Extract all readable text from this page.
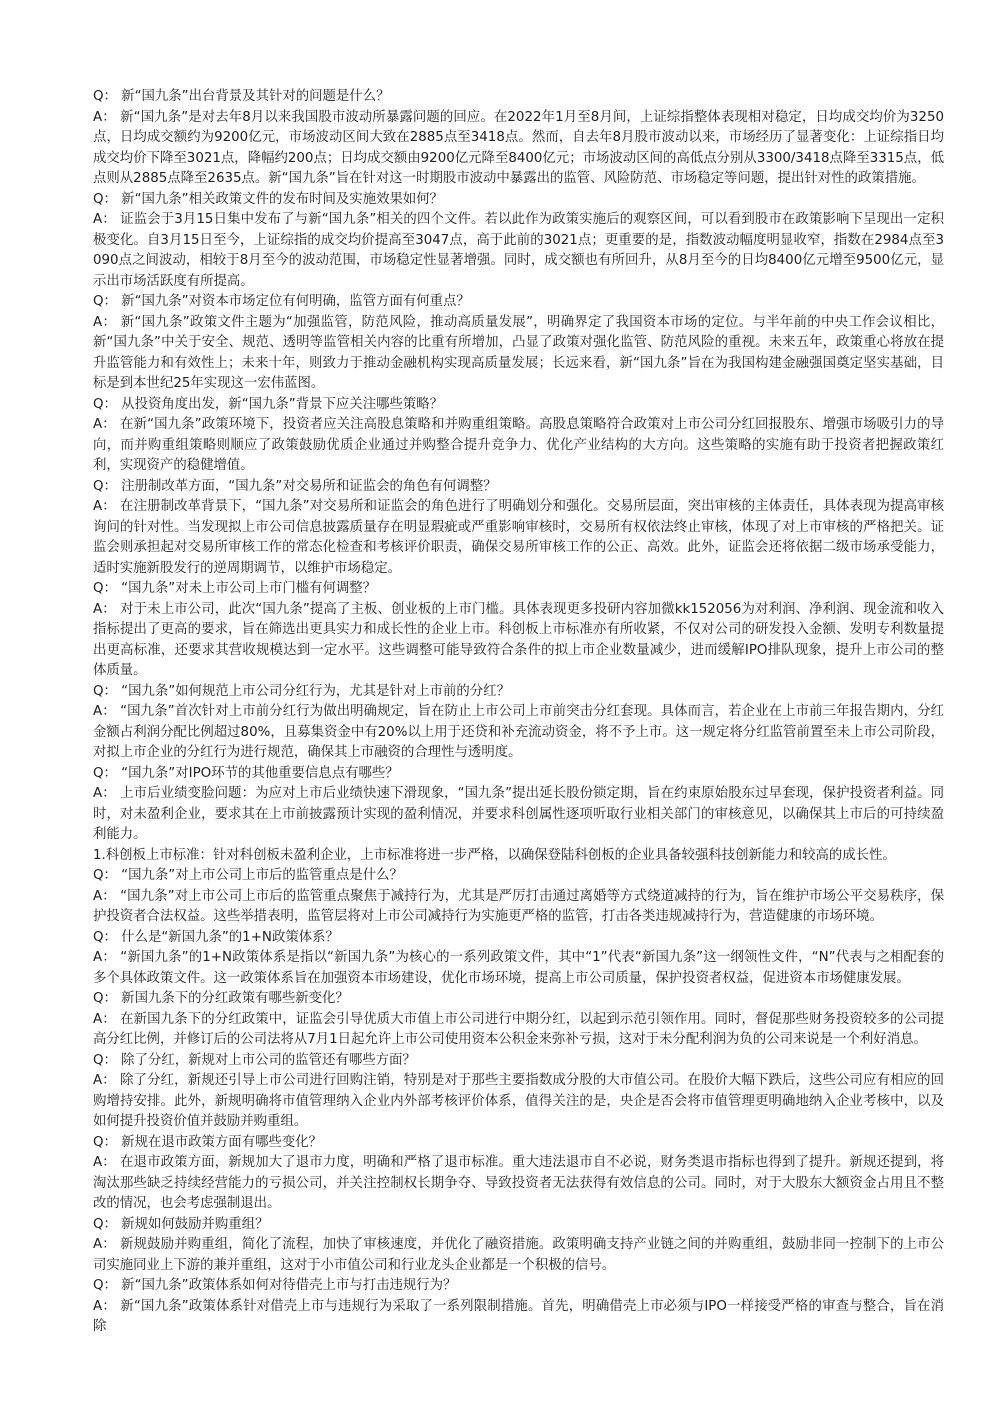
Q： 新“国九条”出台背景及其针对的问题是什么？

A： 新“国九条”是对去年8月以来我国股市波动所暴露问题的回应。在2022年1月至8月间，上证综指整体表现相对稳定，日均成交均价为3250点，日均成交额约为9200亿元，市场波动区间大致在2885点至3418点。然而，自去年8月股市波动以来，市场经历了显著变化：上证综指日均成交均价下降至3021点，降幅约200点；日均成交额由9200亿元降至8400亿元；市场波动区间的高低点分别从3300/3418点降至3315点，低点则从2885点降至2635点。新“国九条”旨在针对这一时期股市波动中暴露出的监管、风险防范、市场稳定等问题，提出针对性的政策措施。

Q： 新“国九条”相关政策文件的发布时间及实施效果如何？

A： 证监会于3月15日集中发布了与新“国九条”相关的四个文件。若以此作为政策实施后的观察区间，可以看到股市在政策影响下呈现出一定积极变化。自3月15日至今，上证综指的成交均价提高至3047点，高于此前的3021点；更重要的是，指数波动幅度明显收窄，指数在2984点至3090点之间波动，相较于8月至今的波动范围，市场稳定性显著增强。同时，成交额也有所回升，从8月至今的日均8400亿元增至9500亿元，显示出市场活跃度有所提高。

Q： 新“国九条”对资本市场定位有何明确，监管方面有何重点？

A： 新“国九条”政策文件主题为“加强监管，防范风险，推动高质量发展”，明确界定了我国资本市场的定位。与半年前的中央工作会议相比，新“国九条”中关于安全、规范、透明等监管相关内容的比重有所增加，凸显了政策对强化监管、防范风险的重视。未来五年，政策重心将放在提升监管能力和有效性上；未来十年，则致力于推动金融机构实现高质量发展；长远来看，新“国九条”旨在为我国构建金融强国奠定坚实基础，目标是到本世纪25年实现这一宏伟蓝图。

Q： 从投资角度出发，新“国九条”背景下应关注哪些策略？

A： 在新“国九条”政策环境下，投资者应关注高股息策略和并购重组策略。高股息策略符合政策对上市公司分红回报股东、增强市场吸引力的导向，而并购重组策略则顺应了政策鼓励优质企业通过并购整合提升竞争力、优化产业结构的大方向。这些策略的实施有助于投资者把握政策红利，实现资产的稳健增值。

Q： 注册制改革方面，“国九条”对交易所和证监会的角色有何调整？

A： 在注册制改革背景下，“国九条”对交易所和证监会的角色进行了明确划分和强化。交易所层面，突出审核的主体责任，具体表现为提高审核询问的针对性。当发现拟上市公司信息披露质量存在明显瑕疵或严重影响审核时，交易所有权依法终止审核，体现了对上市审核的严格把关。证监会则承担起对交易所审核工作的常态化检查和考核评价职责，确保交易所审核工作的公正、高效。此外，证监会还将依据二级市场承受能力，适时实施新股发行的逆周期调节，以维护市场稳定。

Q： “国九条”对未上市公司上市门槛有何调整？

A： 对于未上市公司，此次“国九条”提高了主板、创业板的上市门槛。具体表现更多投研内容加微kk152056为对利润、净利润、现金流和收入指标提出了更高的要求，旨在筛选出更具实力和成长性的企业上市。科创板上市标准亦有所收紧，不仅对公司的研发投入金额、发明专利数量提出更高标准，还要求其营收规模达到一定水平。这些调整可能导致符合条件的拟上市企业数量减少，进而缓解IPO排队现象，提升上市公司的整体质量。

Q： “国九条”如何规范上市公司分红行为，尤其是针对上市前的分红？

A： “国九条”首次针对上市前分红行为做出明确规定，旨在防止上市公司上市前突击分红套现。具体而言，若企业在上市前三年报告期内，分红金额占利润分配比例超过80%，且募集资金中有20%以上用于还贷和补充流动资金，将不予上市。这一规定将分红监管前置至未上市公司阶段，对拟上市企业的分红行为进行规范，确保其上市融资的合理性与透明度。

Q： “国九条”对IPO环节的其他重要信息点有哪些？

A： 上市后业绩变脸问题：为应对上市后业绩快速下滑现象，“国九条”提出延长股份锁定期，旨在约束原始股东过早套现，保护投资者利益。同时，对未盈利企业，要求其在上市前披露预计实现的盈利情况，并要求科创属性逐项听取行业相关部门的审核意见，以确保其上市后的可持续盈利能力。

1.科创板上市标准：针对科创板未盈利企业，上市标准将进一步严格，以确保登陆科创板的企业具备较强科技创新能力和较高的成长性。

Q： “国九条”对上市公司上市后的监管重点是什么？

A： “国九条”对上市公司上市后的监管重点聚焦于减持行为，尤其是严厉打击通过离婚等方式绕道减持的行为，旨在维护市场公平交易秩序，保护投资者合法权益。这些举措表明，监管层将对上市公司减持行为实施更严格的监管，打击各类违规减持行为，营造健康的市场环境。

Q： 什么是“新国九条”的1+N政策体系？

A： “新国九条”的1+N政策体系是指以“新国九条”为核心的一系列政策文件，其中“1”代表“新国九条”这一纲领性文件，“N”代表与之相配套的多个具体政策文件。这一政策体系旨在加强资本市场建设，优化市场环境，提高上市公司质量，保护投资者权益，促进资本市场健康发展。

Q： 新国九条下的分红政策有哪些新变化？

A： 在新国九条下的分红政策中，证监会引导优质大市值上市公司进行中期分红，以起到示范引领作用。同时，督促那些财务投资较多的公司提高分红比例，并修订后的公司法将从7月1日起允许上市公司使用资本公积金来弥补亏损，这对于未分配利润为负的公司来说是一个利好消息。

Q： 除了分红，新规对上市公司的监管还有哪些方面？

A： 除了分红，新规还引导上市公司进行回购注销，特别是对于那些主要指数成分股的大市值公司。在股价大幅下跌后，这些公司应有相应的回购增持安排。此外，新规明确将市值管理纳入企业内外部考核评价体系，值得关注的是，央企是否会将市值管理更明确地纳入企业考核中，以及如何提升投资价值并鼓励并购重组。

Q： 新规在退市政策方面有哪些变化？

A： 在退市政策方面，新规加大了退市力度，明确和严格了退市标准。重大违法退市自不必说，财务类退市指标也得到了提升。新规还提到，将淘汰那些缺乏持续经营能力的亏损公司，并关注控制权长期争夺、导致投资者无法获得有效信息的公司。同时，对于大股东大额资金占用且不整改的情况，也会考虑强制退出。

Q： 新规如何鼓励并购重组？

A： 新规鼓励并购重组，简化了流程，加快了审核速度，并优化了融资措施。政策明确支持产业链之间的并购重组，鼓励非同一控制下的上市公司实施同业上下游的兼并重组，这对于小市值公司和行业龙头企业都是一个积极的信号。

Q： 新“国九条”政策体系如何对待借壳上市与打击违规行为？

A： 新“国九条”政策体系针对借壳上市与违规行为采取了一系列限制措施。首先，明确借壳上市必须与IPO一样接受严格的审查与整合，旨在消除
